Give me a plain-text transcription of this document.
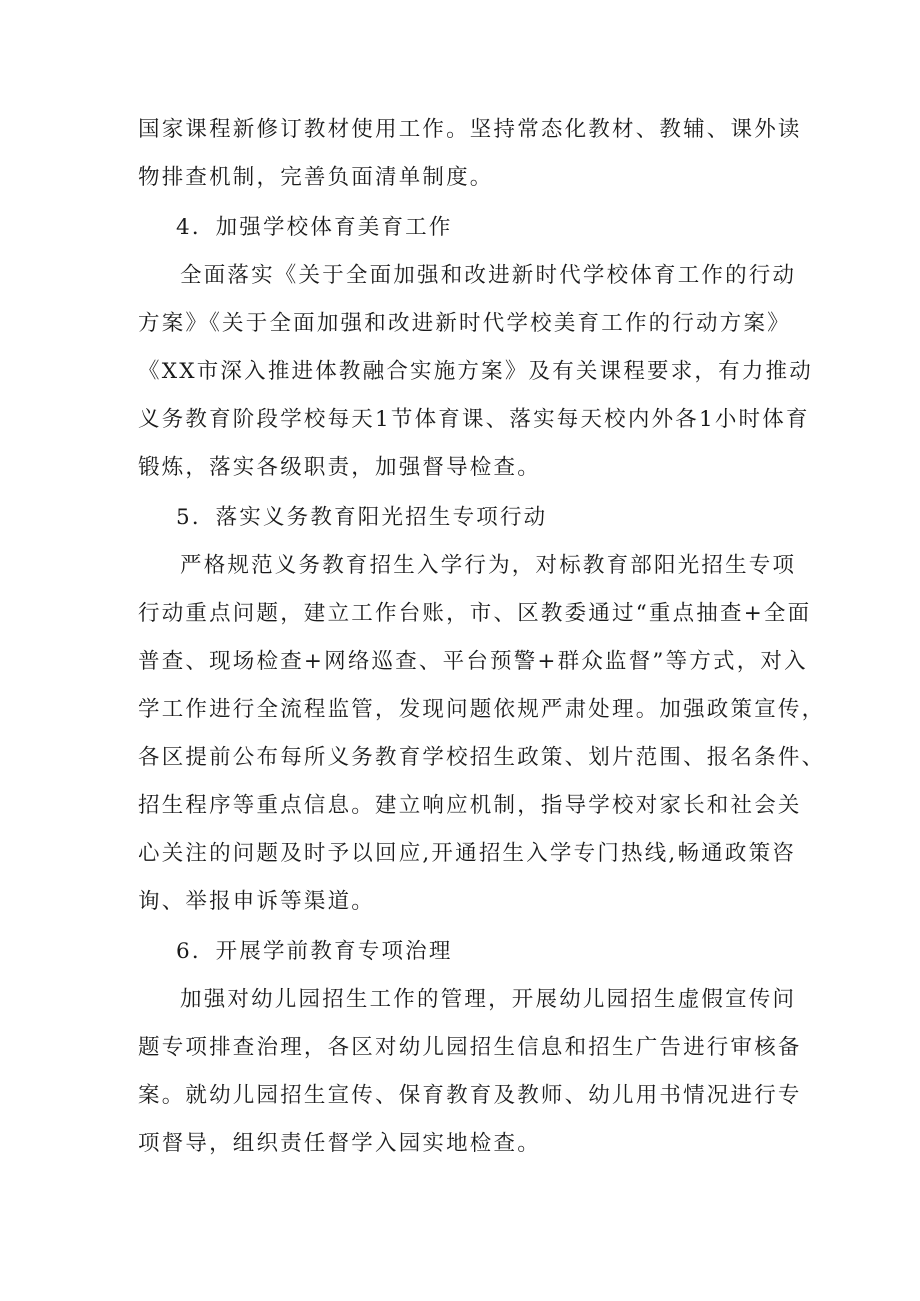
国家课程新修订教材使用工作。坚持常态化教材、教辅、课外读
物排查机制，完善负面清单制度。
4．加强学校体育美育工作
全面落实《关于全面加强和改进新时代学校体育工作的行动
方案》《关于全面加强和改进新时代学校美育工作的行动方案》
《XX市深入推进体教融合实施方案》及有关课程要求，有力推动
义务教育阶段学校每天1节体育课、落实每天校内外各1小时体育
锻炼，落实各级职责，加强督导检查。
5．落实义务教育阳光招生专项行动
严格规范义务教育招生入学行为，对标教育部阳光招生专项
行动重点问题，建立工作台账，市、区教委通过“重点抽查+全面
普查、现场检查+网络巡查、平台预警+群众监督”等方式，对入
学工作进行全流程监管，发现问题依规严肃处理。加强政策宣传，
各区提前公布每所义务教育学校招生政策、划片范围、报名条件、
招生程序等重点信息。建立响应机制，指导学校对家长和社会关
心关注的问题及时予以回应,开通招生入学专门热线,畅通政策咨
询、举报申诉等渠道。
6．开展学前教育专项治理
加强对幼儿园招生工作的管理，开展幼儿园招生虚假宣传问
题专项排查治理，各区对幼儿园招生信息和招生广告进行审核备
案。就幼儿园招生宣传、保育教育及教师、幼儿用书情况进行专
项督导，组织责任督学入园实地检查。
